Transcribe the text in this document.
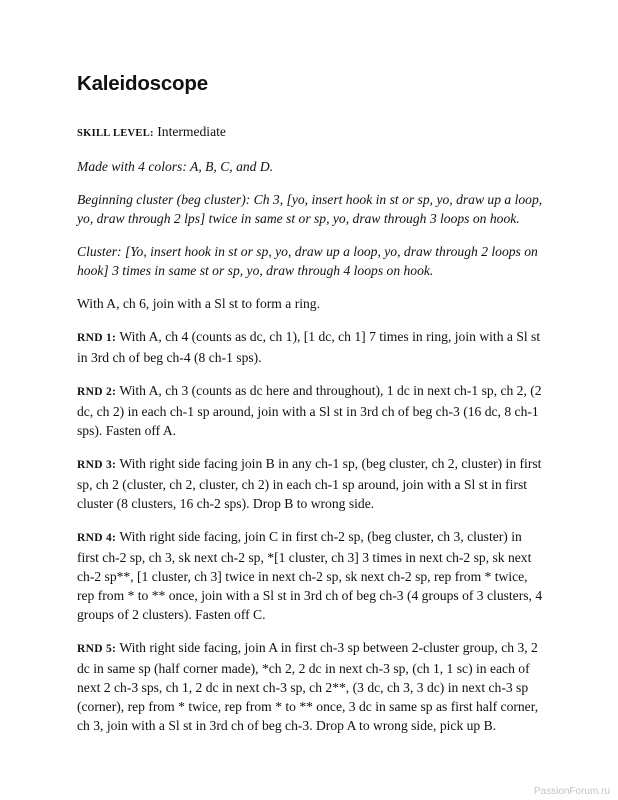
Kaleidoscope

SKILL LEVEL: Intermediate

Made with 4 colors: A, B, C, and D.

Beginning cluster (beg cluster): Ch 3, [yo, insert hook in st or sp, yo, draw up a loop, yo, draw through 2 lps] twice in same st or sp, yo, draw through 3 loops on hook.

Cluster: [Yo, insert hook in st or sp, yo, draw up a loop, yo, draw through 2 loops on hook] 3 times in same st or sp, yo, draw through 4 loops on hook.

With A, ch 6, join with a Sl st to form a ring.

RND 1: With A, ch 4 (counts as dc, ch 1), [1 dc, ch 1] 7 times in ring, join with a Sl st in 3rd ch of beg ch-4 (8 ch-1 sps).

RND 2: With A, ch 3 (counts as dc here and throughout), 1 dc in next ch-1 sp, ch 2, (2 dc, ch 2) in each ch-1 sp around, join with a Sl st in 3rd ch of beg ch-3 (16 dc, 8 ch-1 sps). Fasten off A.

RND 3: With right side facing join B in any ch-1 sp, (beg cluster, ch 2, cluster) in first sp, ch 2 (cluster, ch 2, cluster, ch 2) in each ch-1 sp around, join with a Sl st in first cluster (8 clusters, 16 ch-2 sps). Drop B to wrong side.

RND 4: With right side facing, join C in first ch-2 sp, (beg cluster, ch 3, cluster) in first ch-2 sp, ch 3, sk next ch-2 sp, *[1 cluster, ch 3] 3 times in next ch-2 sp, sk next ch-2 sp**, [1 cluster, ch 3] twice in next ch-2 sp, sk next ch-2 sp, rep from * twice, rep from * to ** once, join with a Sl st in 3rd ch of beg ch-3 (4 groups of 3 clusters, 4 groups of 2 clusters). Fasten off C.

RND 5: With right side facing, join A in first ch-3 sp between 2-cluster group, ch 3, 2 dc in same sp (half corner made), *ch 2, 2 dc in next ch-3 sp, (ch 1, 1 sc) in each of next 2 ch-3 sps, ch 1, 2 dc in next ch-3 sp, ch 2**, (3 dc, ch 3, 3 dc) in next ch-3 sp (corner), rep from * twice, rep from * to ** once, 3 dc in same sp as first half corner, ch 3, join with a Sl st in 3rd ch of beg ch-3. Drop A to wrong side, pick up B.

PassionForum.ru
